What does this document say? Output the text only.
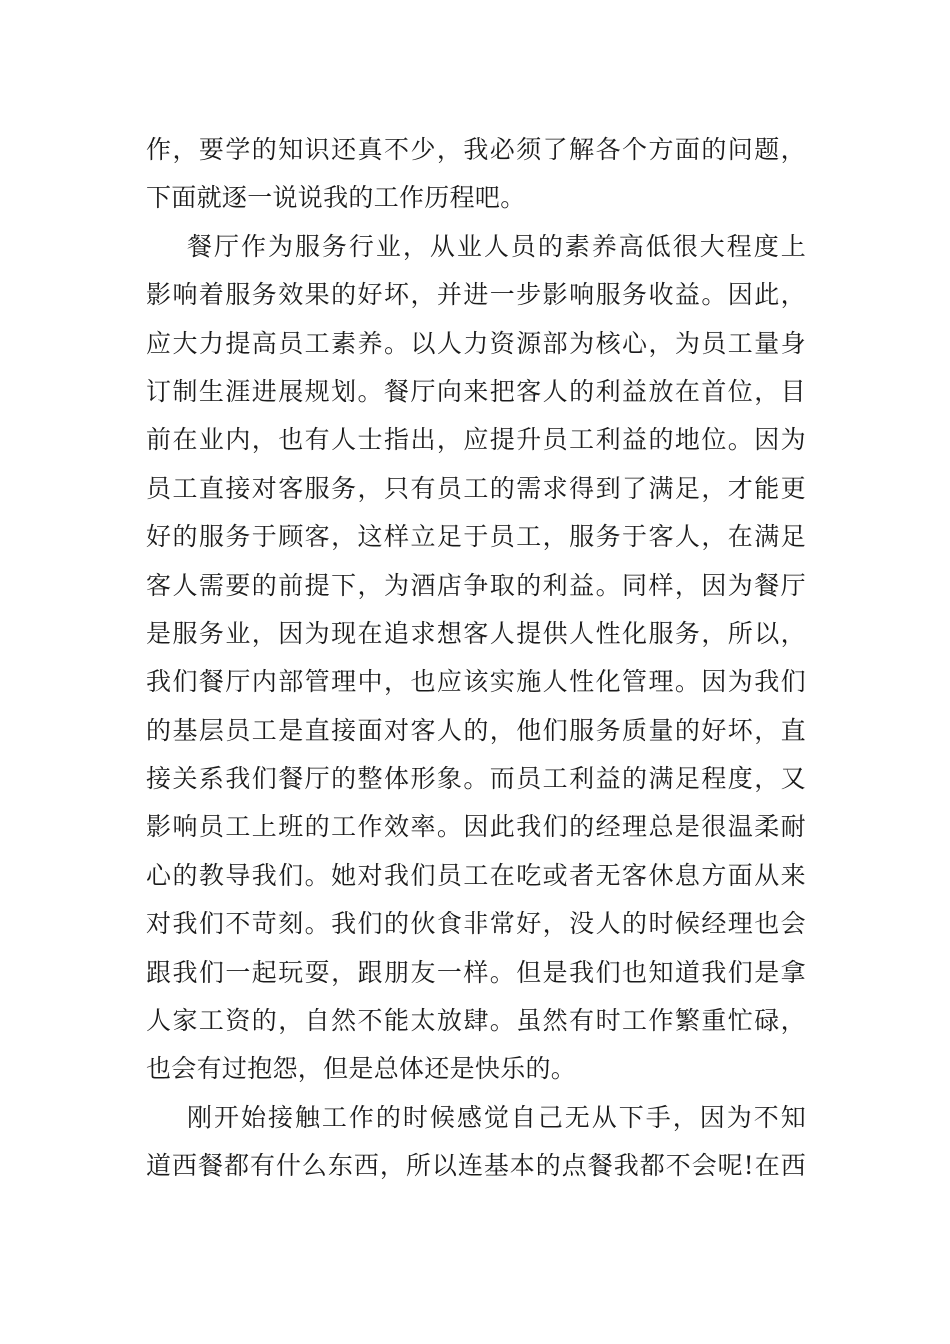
作，要学的知识还真不少，我必须了解各个方面的问题，
下面就逐一说说我的工作历程吧。
餐厅作为服务行业，从业人员的素养高低很大程度上
影响着服务效果的好坏，并进一步影响服务收益。因此，
应大力提高员工素养。以人力资源部为核心，为员工量身
订制生涯进展规划。餐厅向来把客人的利益放在首位，目
前在业内，也有人士指出，应提升员工利益的地位。因为
员工直接对客服务，只有员工的需求得到了满足，才能更
好的服务于顾客，这样立足于员工，服务于客人，在满足
客人需要的前提下，为酒店争取的利益。同样，因为餐厅
是服务业，因为现在追求想客人提供人性化服务，所以，
我们餐厅内部管理中，也应该实施人性化管理。因为我们
的基层员工是直接面对客人的，他们服务质量的好坏，直
接关系我们餐厅的整体形象。而员工利益的满足程度，又
影响员工上班的工作效率。因此我们的经理总是很温柔耐
心的教导我们。她对我们员工在吃或者无客休息方面从来
对我们不苛刻。我们的伙食非常好，没人的时候经理也会
跟我们一起玩耍，跟朋友一样。但是我们也知道我们是拿
人家工资的，自然不能太放肆。虽然有时工作繁重忙碌，
也会有过抱怨，但是总体还是快乐的。
刚开始接触工作的时候感觉自己无从下手，因为不知
道西餐都有什么东西，所以连基本的点餐我都不会呢!在西
